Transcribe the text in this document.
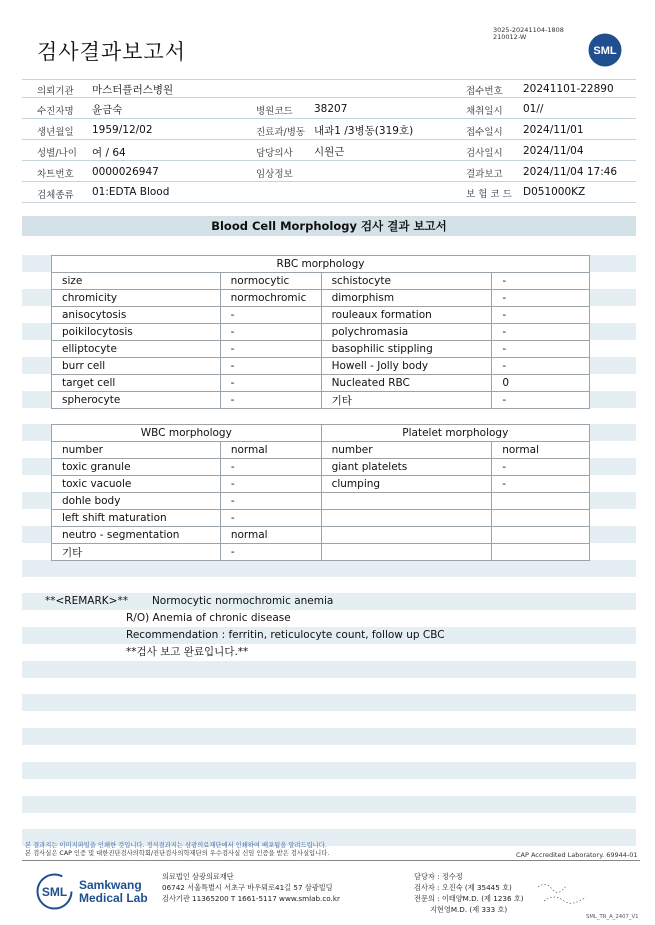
3025-20241104-1808
210012-W
검사결과보고서	SML
의뢰기관 마스터플러스병원
수진자명 윤금숙
생년월일 1959/12/02
성별/나이 여 / 64
차트번호 0000026947
검체종류 01:EDTA Blood
병원코드 38207
진료과/병동 내과1 /3병동(319호)
담당의사 시원근
임상정보
접수번호 20241101-22890
채취일시 01//
접수일시 2024/11/01
검사일시 2024/11/04
결과보고 2024/11/04 17:46
보 험 코 드 D051000KZ
Blood Cell Morphology 검사 결과 보고서
RBC morphology			
size	normocytic	schistocyte	-
chromicity	normochromic	dimorphism	-
anisocytosis	-	rouleaux formation	-
poikilocytosis	-	polychromasia	-
elliptocyte	-	basophilic stippling	-
burr cell	-	Howell - Jolly body	-
target cell	-	Nucleated RBC	0
spherocyte	-	기타	-
WBC morphology		Platelet morphology	
number	normal	number	normal
toxic granule	-	giant platelets	-
toxic vacuole	-	clumping	-
dohle body	-		
left shift maturation	-		
neutro - segmentation	normal		
기타	-		
**<REMARK>** Normocytic normochromic anemia
R/O) Anemia of chronic disease
Recommendation : ferritin, reticulocyte count, follow up CBC
**검사 보고 완료입니다.**
본 결과지는 이미지파일을 인쇄한 것입니다. 정식결과지는 삼광의료재단에서 인쇄하여 배포됨을 알려드립니다.
본 검사실은 CAP 인증 및 대한진단검사의학회/진단검사의학재단의 우수검사실 신임 인증을 받은 검사실입니다.	CAP Accredited Laboratory. 69944-01
SML
Samkwang
Medical Lab
의료법인 삼광의료재단
06742 서울특별시 서초구 바우뫼로41길 57 삼광빌딩
검사기관 11365200 T 1661-5117 www.smlab.co.kr
담당자 : 정수정
검사자 : 오진숙 (제 35445 호)
전문의 : 이태양M.D. (제 1236 호)
지현영M.D. (제 333 호)
SML_TR_A_2407_V1
